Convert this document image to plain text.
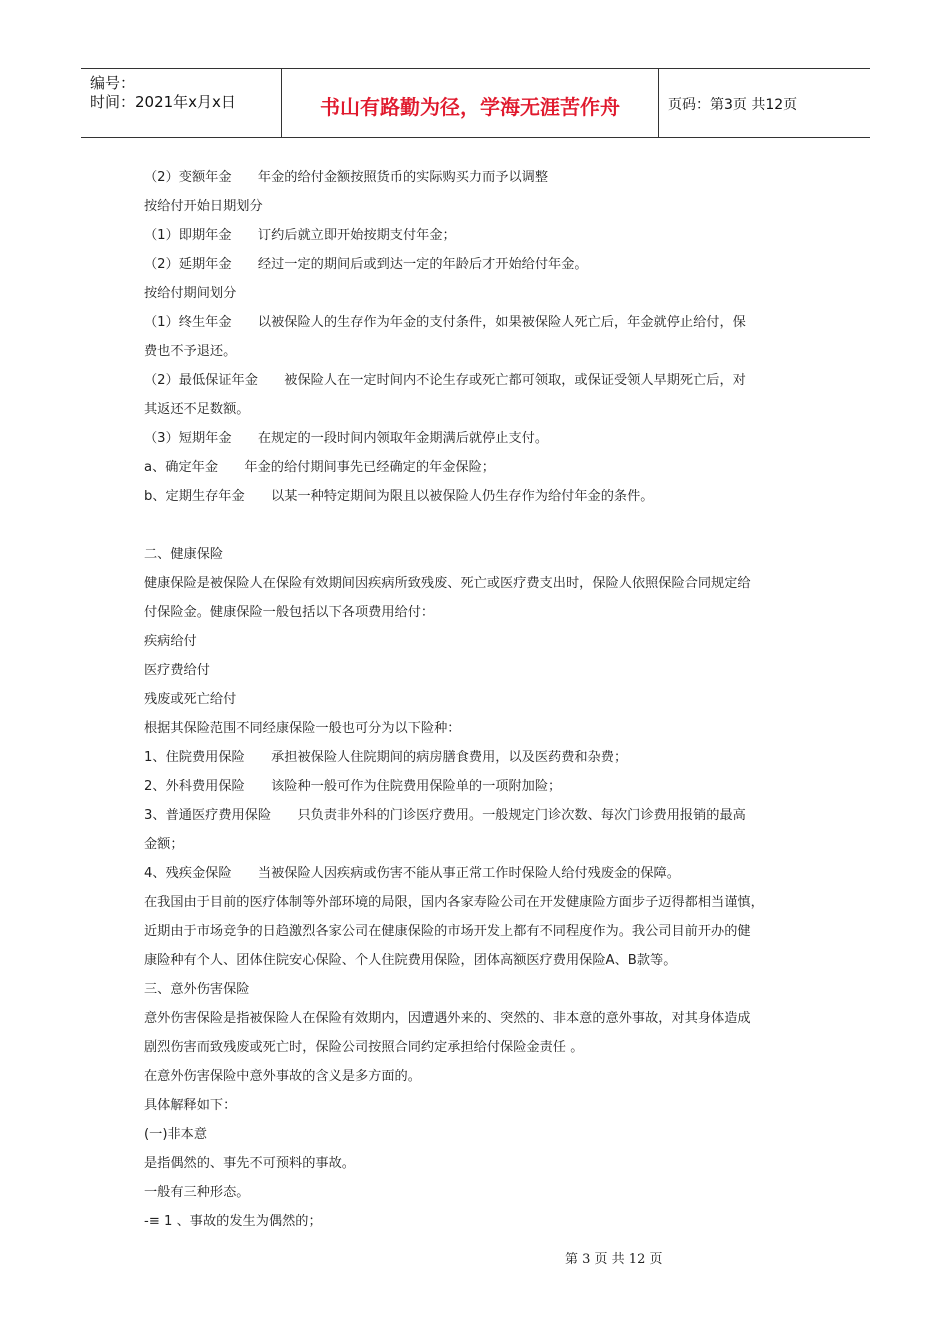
编号：
时间：2021年x月x日	书山有路勤为径，学海无涯苦作舟	页码：第3页 共12页
（2）变额年金　　年金的给付金额按照货币的实际购买力而予以调整
按给付开始日期划分
（1）即期年金　　订约后就立即开始按期支付年金；
（2）延期年金　　经过一定的期间后或到达一定的年龄后才开始给付年金。
按给付期间划分
（1）终生年金　　以被保险人的生存作为年金的支付条件，如果被保险人死亡后，年金就停止给付，保
费也不予退还。
（2）最低保证年金　　被保险人在一定时间内不论生存或死亡都可领取，或保证受领人早期死亡后，对
其返还不足数额。
（3）短期年金　　在规定的一段时间内领取年金期满后就停止支付。
a、确定年金　　年金的给付期间事先已经确定的年金保险；
b、定期生存年金　　以某一种特定期间为限且以被保险人仍生存作为给付年金的条件。
二、健康保险
健康保险是被保险人在保险有效期间因疾病所致残废、死亡或医疗费支出时，保险人依照保险合同规定给
付保险金。健康保险一般包括以下各项费用给付：
疾病给付
医疗费给付
残废或死亡给付
根据其保险范围不同经康保险一般也可分为以下险种：
1、住院费用保险　　承担被保险人住院期间的病房膳食费用，以及医药费和杂费；
2、外科费用保险　　该险种一般可作为住院费用保险单的一项附加险；
3、普通医疗费用保险　　只负责非外科的门诊医疗费用。一般规定门诊次数、每次门诊费用报销的最高
金额；
4、残疾金保险　　当被保险人因疾病或伤害不能从事正常工作时保险人给付残废金的保障。
在我国由于目前的医疗体制等外部环境的局限，国内各家寿险公司在开发健康险方面步子迈得都相当谨慎，
近期由于市场竞争的日趋激烈各家公司在健康保险的市场开发上都有不同程度作为。我公司目前开办的健
康险种有个人、团体住院安心保险、个人住院费用保险，团体高额医疗费用保险A、B款等。
三、意外伤害保险
意外伤害保险是指被保险人在保险有效期内，因遭遇外来的、突然的、非本意的意外事故，对其身体造成
剧烈伤害而致残废或死亡时，保险公司按照合同约定承担给付保险金责任 。
在意外伤害保险中意外事故的含义是多方面的。
具体解释如下：
(一)非本意
是指偶然的、事先不可预料的事故。
一般有三种形态。
-≡ 1 、事故的发生为偶然的；
第 3 页 共 12 页
